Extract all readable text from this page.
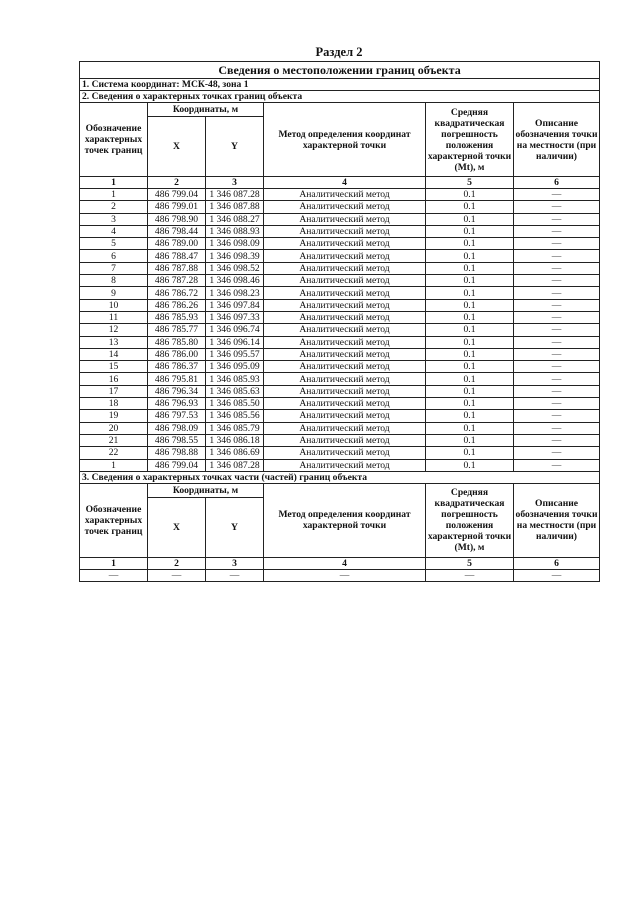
Раздел 2
Сведения о местоположении границ объекта					
1. Система координат: МСК-48, зона 1					
2. Сведения о характерных точках границ объекта					
Обозначение характерных точек границ	Координаты, м		Метод определения координат характерной точки	Средняя квадратическая погрешность положения характерной точки (Mt), м	Описание обозначения точки на местности (при наличии)
	X	Y			
1	2	3	4	5	6
1	486 799.04	1 346 087.28	Аналитический метод	0.1	—
2	486 799.01	1 346 087.88	Аналитический метод	0.1	—
3	486 798.90	1 346 088.27	Аналитический метод	0.1	—
4	486 798.44	1 346 088.93	Аналитический метод	0.1	—
5	486 789.00	1 346 098.09	Аналитический метод	0.1	—
6	486 788.47	1 346 098.39	Аналитический метод	0.1	—
7	486 787.88	1 346 098.52	Аналитический метод	0.1	—
8	486 787.28	1 346 098.46	Аналитический метод	0.1	—
9	486 786.72	1 346 098.23	Аналитический метод	0.1	—
10	486 786.26	1 346 097.84	Аналитический метод	0.1	—
11	486 785.93	1 346 097.33	Аналитический метод	0.1	—
12	486 785.77	1 346 096.74	Аналитический метод	0.1	—
13	486 785.80	1 346 096.14	Аналитический метод	0.1	—
14	486 786.00	1 346 095.57	Аналитический метод	0.1	—
15	486 786.37	1 346 095.09	Аналитический метод	0.1	—
16	486 795.81	1 346 085.93	Аналитический метод	0.1	—
17	486 796.34	1 346 085.63	Аналитический метод	0.1	—
18	486 796.93	1 346 085.50	Аналитический метод	0.1	—
19	486 797.53	1 346 085.56	Аналитический метод	0.1	—
20	486 798.09	1 346 085.79	Аналитический метод	0.1	—
21	486 798.55	1 346 086.18	Аналитический метод	0.1	—
22	486 798.88	1 346 086.69	Аналитический метод	0.1	—
1	486 799.04	1 346 087.28	Аналитический метод	0.1	—
3. Сведения о характерных точках части (частей) границ объекта					
Обозначение характерных точек границ	Координаты, м		Метод определения координат характерной точки	Средняя квадратическая погрешность положения характерной точки (Mt), м	Описание обозначения точки на местности (при наличии)
	X	Y			
1	2	3	4	5	6
—	—	—	—	—	—
